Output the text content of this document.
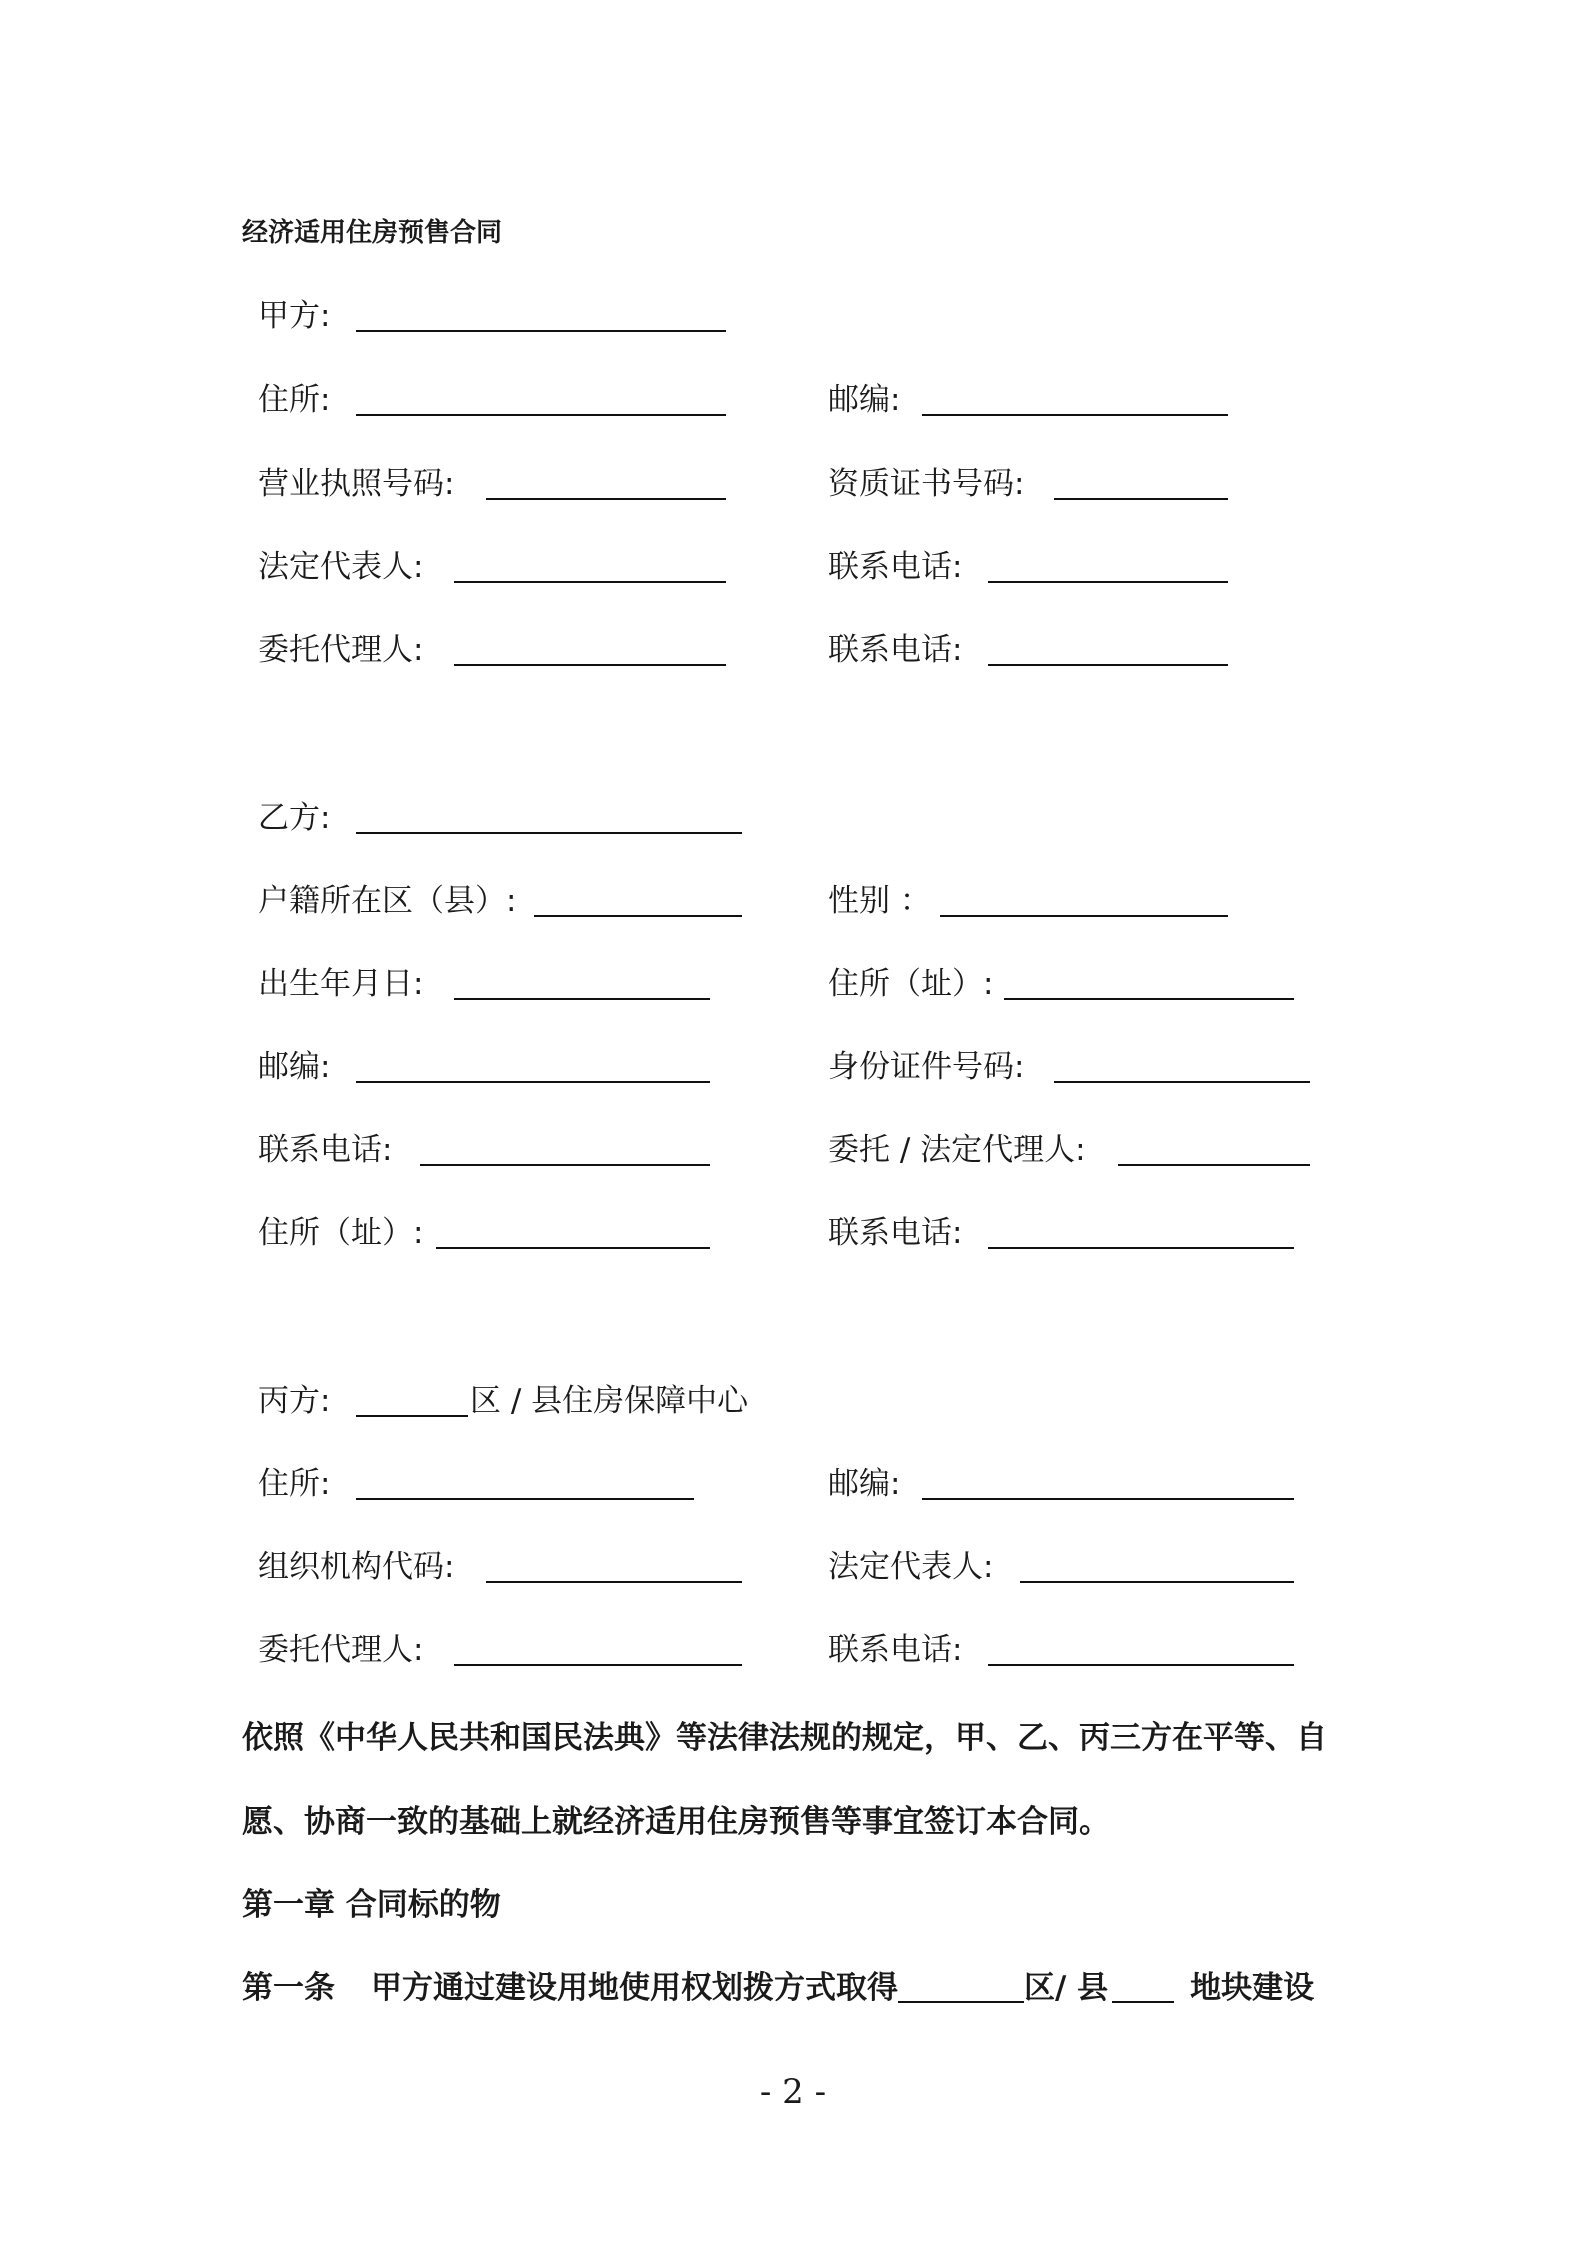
经济适用住房预售合同
甲方:
住所:	邮编:
营业执照号码:	资质证书号码:
法定代表人:	联系电话:
委托代理人:	联系电话:
乙方:
户籍所在区（县）:	性别 ：
出生年月日:	住所（址）:
邮编:	身份证件号码:
联系电话:	委托 / 法定代理人:
住所（址）:	联系电话:
丙方:	区 / 县住房保障中心
住所:	邮编:
组织机构代码:	法定代表人:
委托代理人:	联系电话:
依照《中华人民共和国民法典》等法律法规的规定，甲、乙、丙三方在平等、自
愿、协商一致的基础上就经济适用住房预售等事宜签订本合同。
第一章 合同标的物
第一条 甲方通过建设用地使用权划拨方式取得	区/ 县	地块建设
- 2 -
